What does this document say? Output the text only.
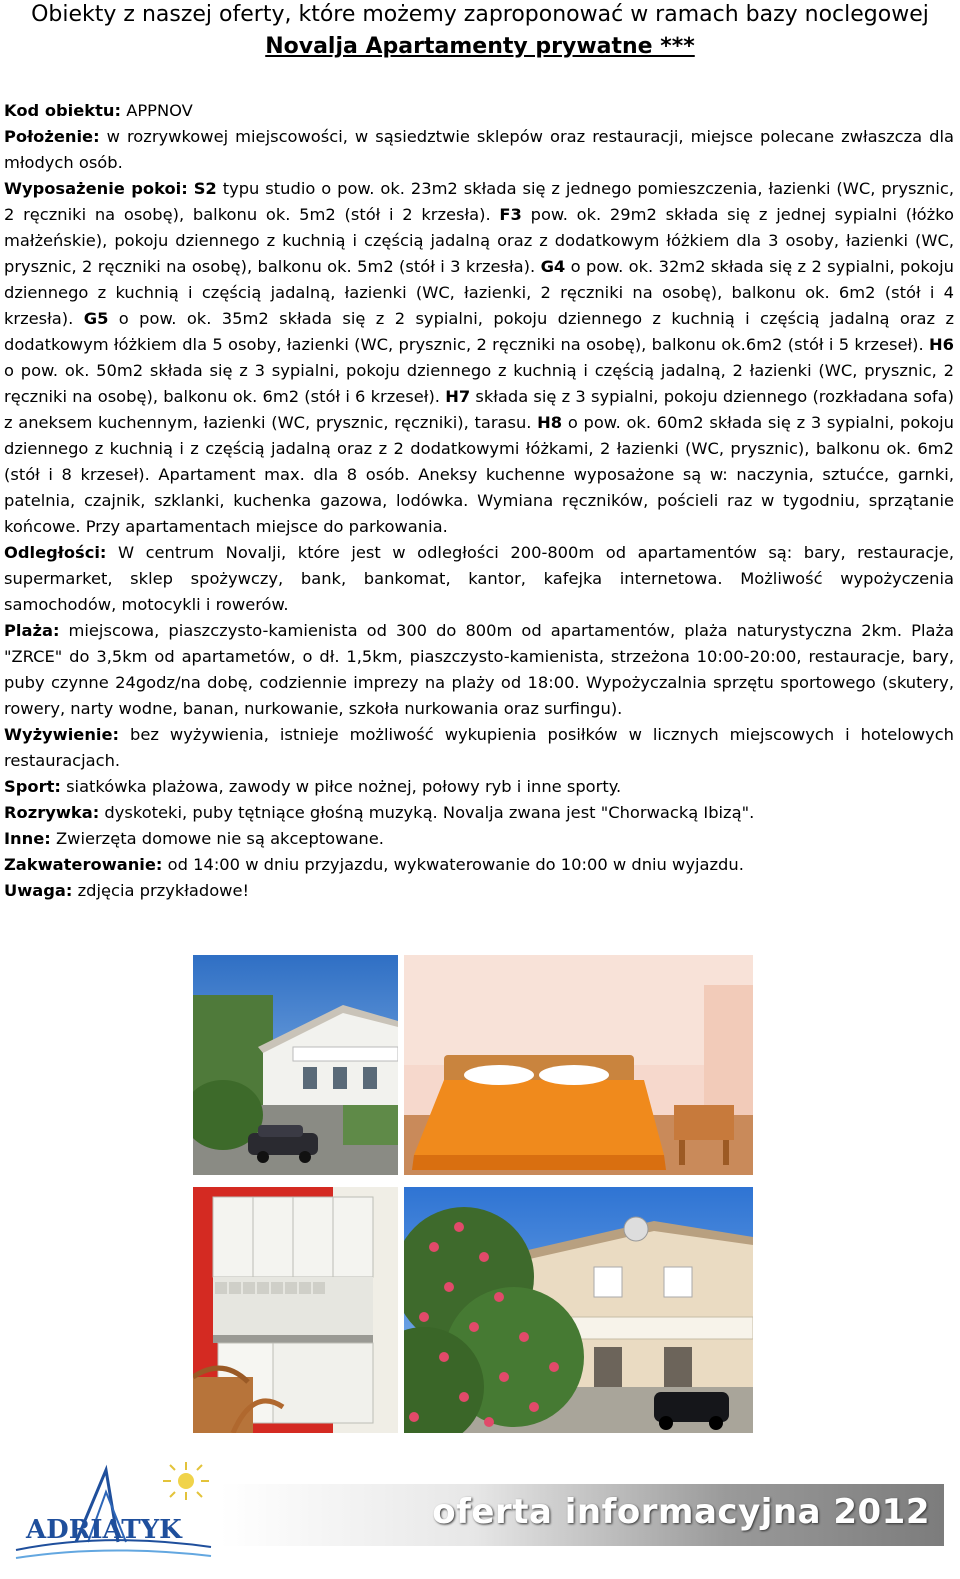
Obiekty z naszej oferty, które możemy zaproponować w ramach bazy noclegowej
Novalja Apartamenty prywatne ***

Kod obiektu: APPNOV

Położenie: w rozrywkowej miejscowości, w sąsiedztwie sklepów oraz restauracji, miejsce polecane zwłaszcza dla młodych osób.

Wyposażenie pokoi: S2 typu studio o pow. ok. 23m2 składa się z jednego pomieszczenia, łazienki (WC, prysznic, 2 ręczniki na osobę), balkonu ok. 5m2 (stół i 2 krzesła). F3 pow. ok. 29m2 składa się z jednej sypialni (łóżko małżeńskie), pokoju dziennego z kuchnią i częścią jadalną oraz z dodatkowym łóżkiem dla 3 osoby, łazienki (WC, prysznic, 2 ręczniki na osobę), balkonu ok. 5m2 (stół i 3 krzesła). G4 o pow. ok. 32m2 składa się z 2 sypialni, pokoju dziennego z kuchnią i częścią jadalną, łazienki (WC, łazienki, 2 ręczniki na osobę), balkonu ok. 6m2 (stół i 4 krzesła). G5 o pow. ok. 35m2 składa się z 2 sypialni, pokoju dziennego z kuchnią i częścią jadalną oraz z dodatkowym łóżkiem dla 5 osoby, łazienki (WC, prysznic, 2 ręczniki na osobę), balkonu ok.6m2 (stół i 5 krzeseł). H6 o pow. ok. 50m2 składa się z 3 sypialni, pokoju dziennego z kuchnią i częścią jadalną, 2 łazienki (WC, prysznic, 2 ręczniki na osobę), balkonu ok. 6m2 (stół i 6 krzeseł). H7 składa się z 3 sypialni, pokoju dziennego (rozkładana sofa) z aneksem kuchennym, łazienki (WC, prysznic, ręczniki), tarasu. H8 o pow. ok. 60m2 składa się z 3 sypialni, pokoju dziennego z kuchnią i z częścią jadalną oraz z 2 dodatkowymi łóżkami, 2 łazienki (WC, prysznic), balkonu ok. 6m2 (stół i 8 krzeseł). Apartament max. dla 8 osób. Aneksy kuchenne wyposażone są w: naczynia, sztućce, garnki, patelnia, czajnik, szklanki, kuchenka gazowa, lodówka. Wymiana ręczników, pościeli raz w tygodniu, sprzątanie końcowe. Przy apartamentach miejsce do parkowania.

Odległości: W centrum Novalji, które jest w odległości 200-800m od apartamentów są: bary, restauracje, supermarket, sklep spożywczy, bank, bankomat, kantor, kafejka internetowa. Możliwość wypożyczenia samochodów, motocykli i rowerów.

Plaża: miejscowa, piaszczysto-kamienista od 300 do 800m od apartamentów, plaża naturystyczna 2km. Plaża "ZRCE" do 3,5km od apartametów, o dł. 1,5km, piaszczysto-kamienista, strzeżona 10:00-20:00, restauracje, bary, puby czynne 24godz/na dobę, codziennie imprezy na plaży od 18:00. Wypożyczalnia sprzętu sportowego (skutery, rowery, narty wodne, banan, nurkowanie, szkoła nurkowania oraz surfingu).

Wyżywienie: bez wyżywienia, istnieje możliwość wykupienia posiłków w licznych miejscowych i hotelowych restauracjach.

Sport: siatkówka plażowa, zawody w piłce nożnej, połowy ryb i inne sporty.

Rozrywka: dyskoteki, puby tętniące głośną muzyką. Novalja zwana jest "Chorwacką Ibizą".

Inne: Zwierzęta domowe nie są akceptowane.

Zakwaterowanie: od 14:00 w dniu przyjazdu, wykwaterowanie do 10:00 w dniu wyjazdu.

Uwaga: zdjęcia przykładowe!

ADRIATYK	oferta informacyjna 2012
